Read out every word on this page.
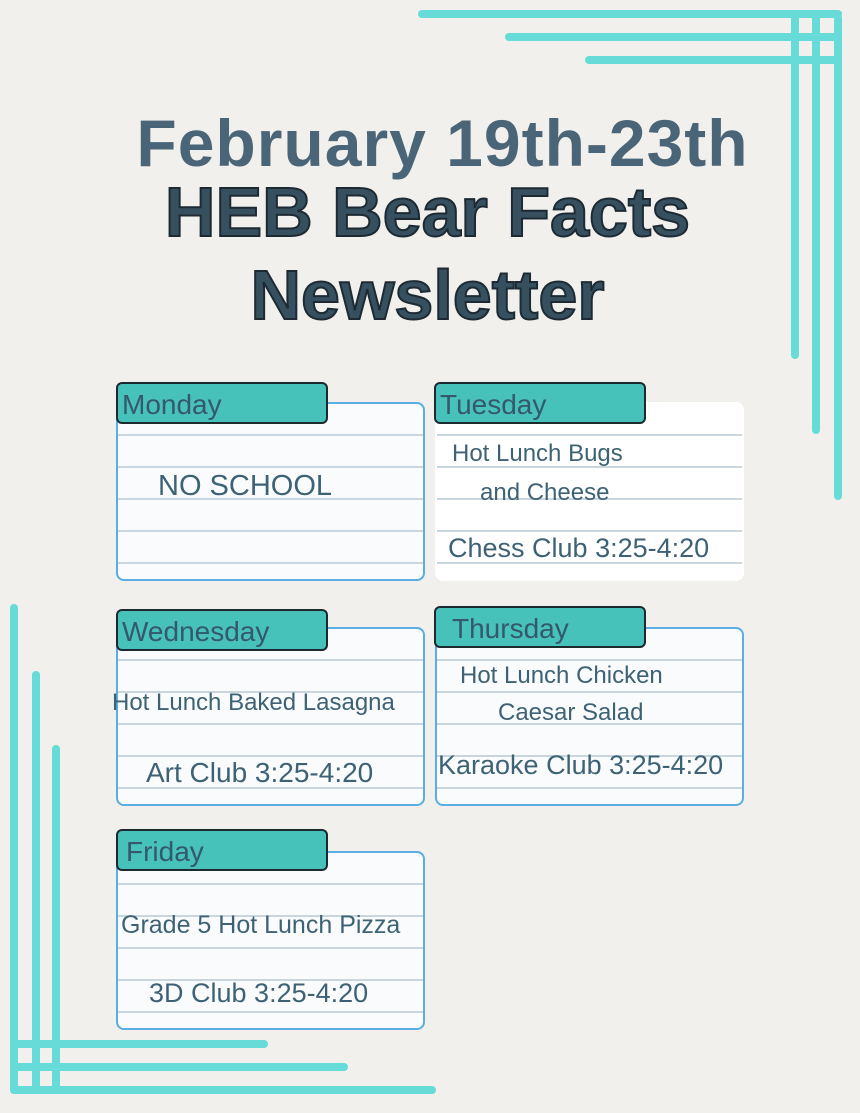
February 19th-23th
HEB Bear Facts
Newsletter
NO SCHOOL
Monday
Hot Lunch Bugs
and Cheese
Chess Club 3:25-4:20
Tuesday
Hot Lunch Baked Lasagna
Art Club 3:25-4:20
Wednesday
Hot Lunch Chicken
Caesar Salad
Karaoke Club 3:25-4:20
Thursday
Grade 5 Hot Lunch Pizza
3D Club 3:25-4:20
Friday
